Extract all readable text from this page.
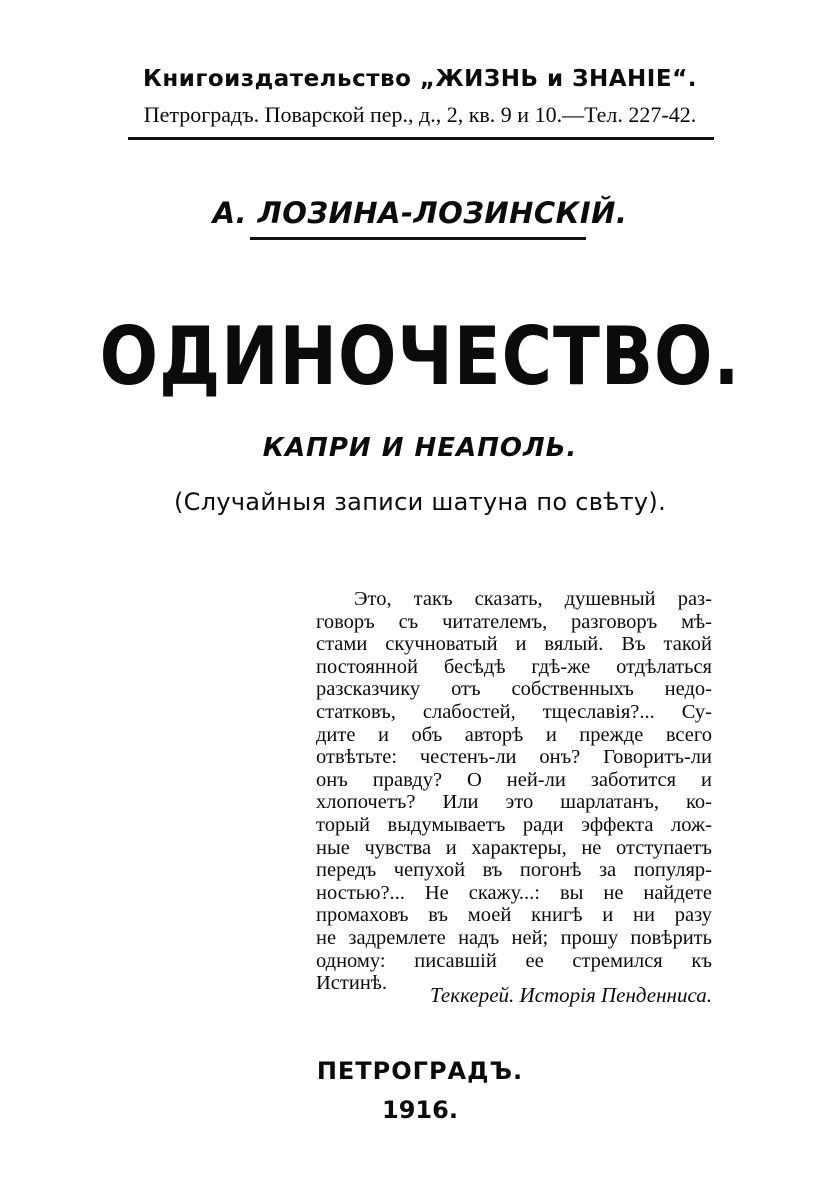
Книгоиздательство „ЖИЗНЬ и ЗНАНІЕ“.
Петроградъ. Поварской пер., д., 2, кв. 9 и 10.—Тел. 227-42.
А. ЛОЗИНА-ЛОЗИНСКІЙ.
ОДИНОЧЕСТВО.
КАПРИ И НЕАПОЛЬ.
(Случайныя записи шатуна по свѣту).
Это, такъ сказать, душевный раз-
говоръ съ читателемъ, разговоръ мѣ-
стами скучноватый и вялый. Въ такой
постоянной бесѣдѣ гдѣ-же отдѣлаться
разсказчику отъ собственныхъ недо-
статковъ, слабостей, тщеславія?... Су-
дите и объ авторѣ и прежде всего
отвѣтьте: честенъ-ли онъ? Говоритъ-ли
онъ правду? О ней-ли заботится и
хлопочетъ? Или это шарлатанъ, ко-
торый выдумываетъ ради эффекта лож-
ные чувства и характеры, не отступаетъ
передъ чепухой въ погонѣ за популяр-
ностью?... Не скажу...: вы не найдете
промаховъ въ моей книгѣ и ни разу
не задремлете надъ ней; прошу повѣрить
одному: писавшій ее стремился къ
Истинѣ.	Теккерей. Исторія Пенденниса.
ПЕТРОГРАДЪ.
1916.
